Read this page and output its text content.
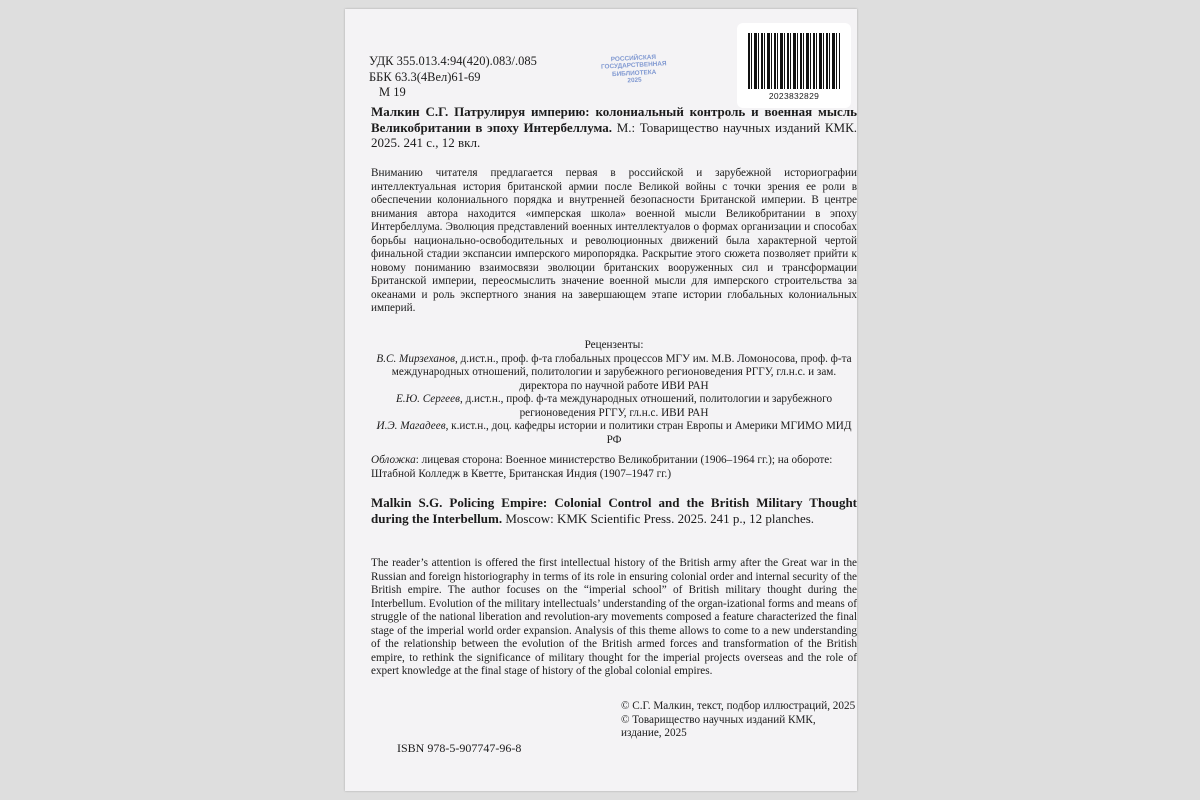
УДК 355.013.4:94(420).083/.085
ББК 63.3(4Вел)61-69
М 19
РОССИЙСКАЯ
ГОСУДАРСТВЕННАЯ
БИБЛИОТЕКА
2025
2023832829
Малкин С.Г. Патрулируя империю: колониальный контроль и военная мысль Великобритании в эпоху Интербеллума. М.: Товарищество научных изданий КМК. 2025. 241 с., 12 вкл.
Вниманию читателя предлагается первая в российской и зарубежной историографии интеллектуальная история британской армии после Великой войны с точки зрения ее роли в обеспечении колониального порядка и внутренней безопасности Британской империи. В центре внимания автора находится «имперская школа» военной мысли Великобритании в эпоху Интербеллума. Эволюция представлений военных интеллектуалов о формах организации и способах борьбы национально-освободительных и революционных движений была характерной чертой финальной стадии экспансии имперского миропорядка. Раскрытие этого сюжета позволяет прийти к новому пониманию взаимосвязи эволюции британских вооруженных сил и трансформации Британской империи, переосмыслить значение военной мысли для имперского строительства за океанами и роль экспертного знания на завершающем этапе истории глобальных колониальных империй.
Рецензенты:
В.С. Мирзеханов, д.ист.н., проф. ф-та глобальных процессов МГУ им. М.В. Ломоносова, проф. ф-та международных отношений, политологии и зарубежного регионоведения РГГУ, гл.н.с. и зам. директора по научной работе ИВИ РАН
Е.Ю. Сергеев, д.ист.н., проф. ф-та международных отношений, политологии и зарубежного регионоведения РГГУ, гл.н.с. ИВИ РАН
И.Э. Магадеев, к.ист.н., доц. кафедры истории и политики стран Европы и Америки МГИМО МИД РФ
Обложка: лицевая сторона: Военное министерство Великобритании (1906–1964 гг.); на обороте: Штабной Колледж в Кветте, Британская Индия (1907–1947 гг.)
Malkin S.G. Policing Empire: Colonial Control and the British Military Thought during the Interbellum. Moscow: KMK Scientific Press. 2025. 241 p., 12 planches.
The reader’s attention is offered the first intellectual history of the British army after the Great war in the Russian and foreign historiography in terms of its role in ensuring colonial order and internal security of the British empire. The author focuses on the “imperial school” of British military thought during the Interbellum. Evolution of the military intellectuals’ understanding of the organ-izational forms and means of struggle of the national liberation and revolution-ary movements composed a feature characterized the final stage of the imperial world order expansion. Analysis of this theme allows to come to a new understanding of the relationship between the evolution of the British armed forces and transformation of the British empire, to rethink the significance of military thought for the imperial projects overseas and the role of expert knowledge at the final stage of history of the global colonial empires.
© С.Г. Малкин, текст, подбор иллюстраций, 2025
© Товарищество научных изданий КМК, издание, 2025
ISBN 978-5-907747-96-8
